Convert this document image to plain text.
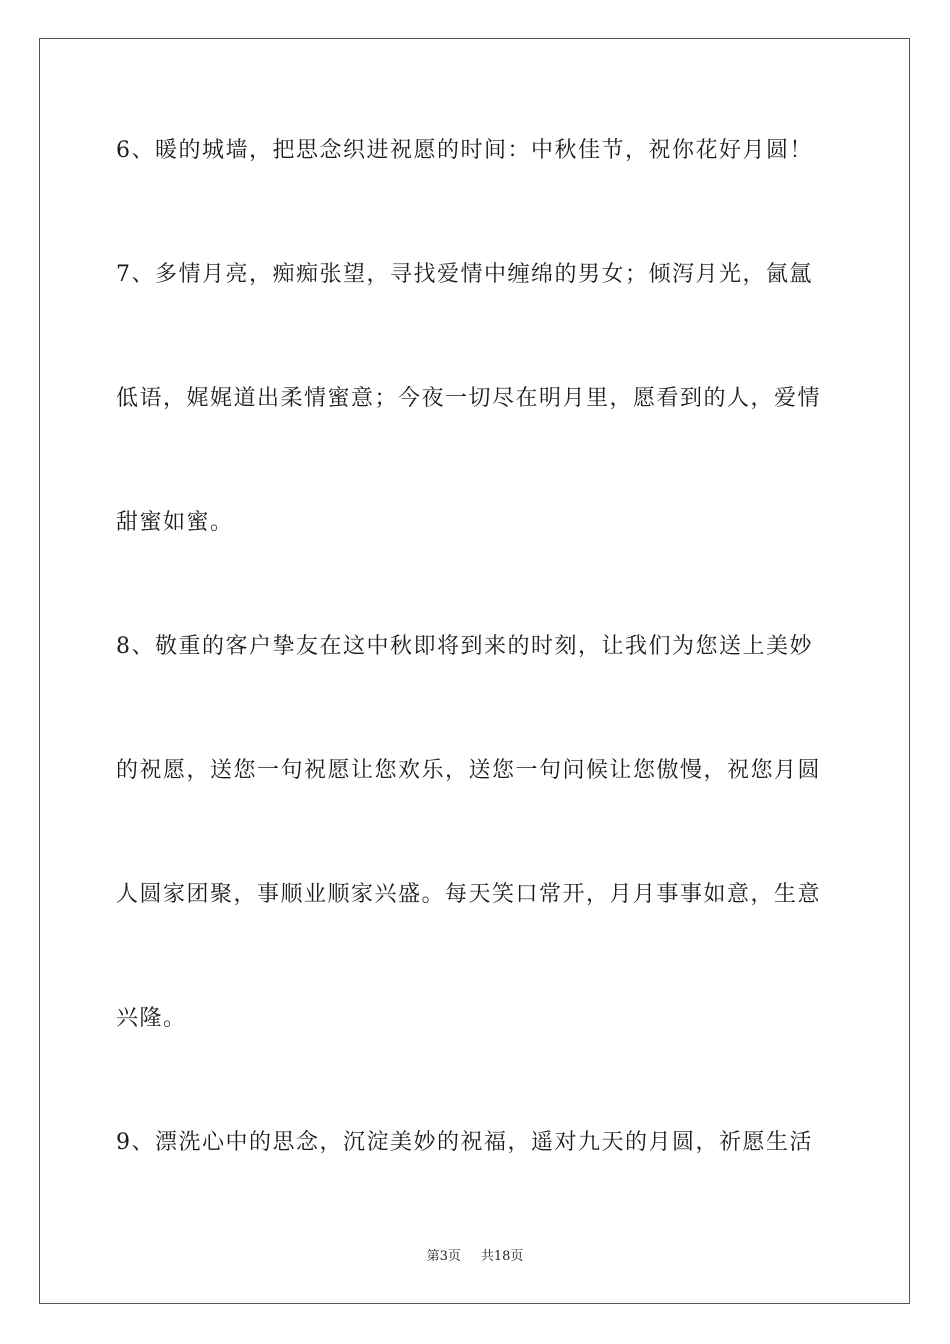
6、暖的城墙，把思念织进祝愿的时间：中秋佳节，祝你花好月圆！
7、多情月亮，痴痴张望，寻找爱情中缠绵的男女；倾泻月光，氤氲
低语，娓娓道出柔情蜜意；今夜一切尽在明月里，愿看到的人，爱情
甜蜜如蜜。
8、敬重的客户挚友在这中秋即将到来的时刻，让我们为您送上美妙
的祝愿，送您一句祝愿让您欢乐，送您一句问候让您傲慢，祝您月圆
人圆家团聚，事顺业顺家兴盛。每天笑口常开，月月事事如意，生意
兴隆。
9、漂洗心中的思念，沉淀美妙的祝福，遥对九天的月圆，祈愿生活
第3页 共18页
